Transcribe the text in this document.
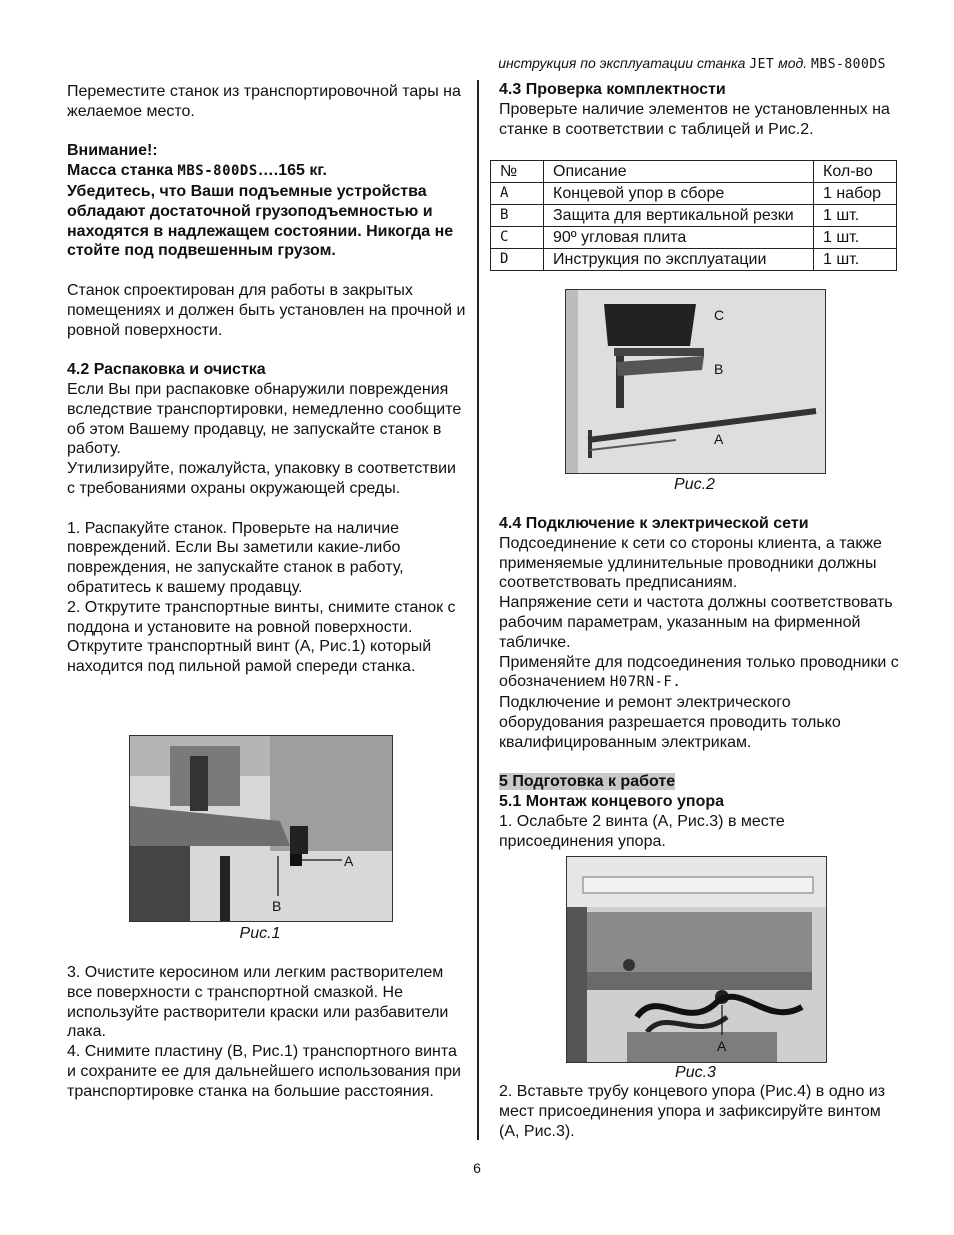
инструкция по эксплуатации станка JET мод. MBS-800DS

Переместите станок из транспортировочной тары на желаемое место.

Внимание!:

Масса станка MBS-800DS….165 кг.

Убедитесь, что Ваши подъемные устройства обладают достаточной грузоподъемностью и находятся в надлежащем состоянии. Никогда не стойте под подвешенным грузом.

Станок спроектирован для работы в закрытых помещениях и должен быть установлен на прочной и ровной поверхности.

4.2 Распаковка и очистка

Если Вы при распаковке обнаружили повреждения вследствие транспортировки, немедленно сообщите об этом Вашему продавцу, не запускайте станок в работу.

Утилизируйте, пожалуйста, упаковку в соответствии с требованиями охраны окружающей среды.

1. Распакуйте станок. Проверьте на наличие повреждений. Если Вы заметили какие-либо повреждения, не запускайте станок в работу, обратитесь к вашему продавцу.

2. Открутите транспортные винты, снимите станок с поддона и установите на ровной поверхности. Открутите транспортный винт (А, Рис.1) который находится под пильной рамой спереди станка.

A
B
Рис.1

3. Очистите керосином или легким растворителем все поверхности с транспортной смазкой. Не используйте растворители краски или разбавители лака.

4. Снимите пластину (В, Рис.1) транспортного винта и сохраните ее для дальнейшего использования при транспортировке станка на большие расстояния.

4.3 Проверка комплектности

Проверьте наличие элементов не установленных на станке в соответствии с таблицей и Рис.2.

№	Описание	Кол-во
A	Концевой упор в сборе	1 набор
B	Защита для вертикальной резки	1 шт.
C	90º угловая плита	1 шт.
D	Инструкция по эксплуатации	1 шт.
C
B
A
Рис.2

4.4 Подключение к электрической сети

Подсоединение к сети со стороны клиента, а также применяемые удлинительные проводники должны соответствовать предписаниям.

Напряжение сети и частота должны соответствовать рабочим параметрам, указанным на фирменной табличке.

Применяйте для подсоединения только проводники с обозначением H07RN-F.

Подключение и ремонт электрического оборудования разрешается проводить только квалифицированным электрикам.

5 Подготовка к работе

5.1 Монтаж концевого упора

1. Ослабьте 2 винта (А, Рис.3) в месте присоединения упора.

A
Рис.3

2. Вставьте трубу концевого упора (Рис.4) в одно из мест присоединения упора и зафиксируйте винтом (А, Рис.3).

6
